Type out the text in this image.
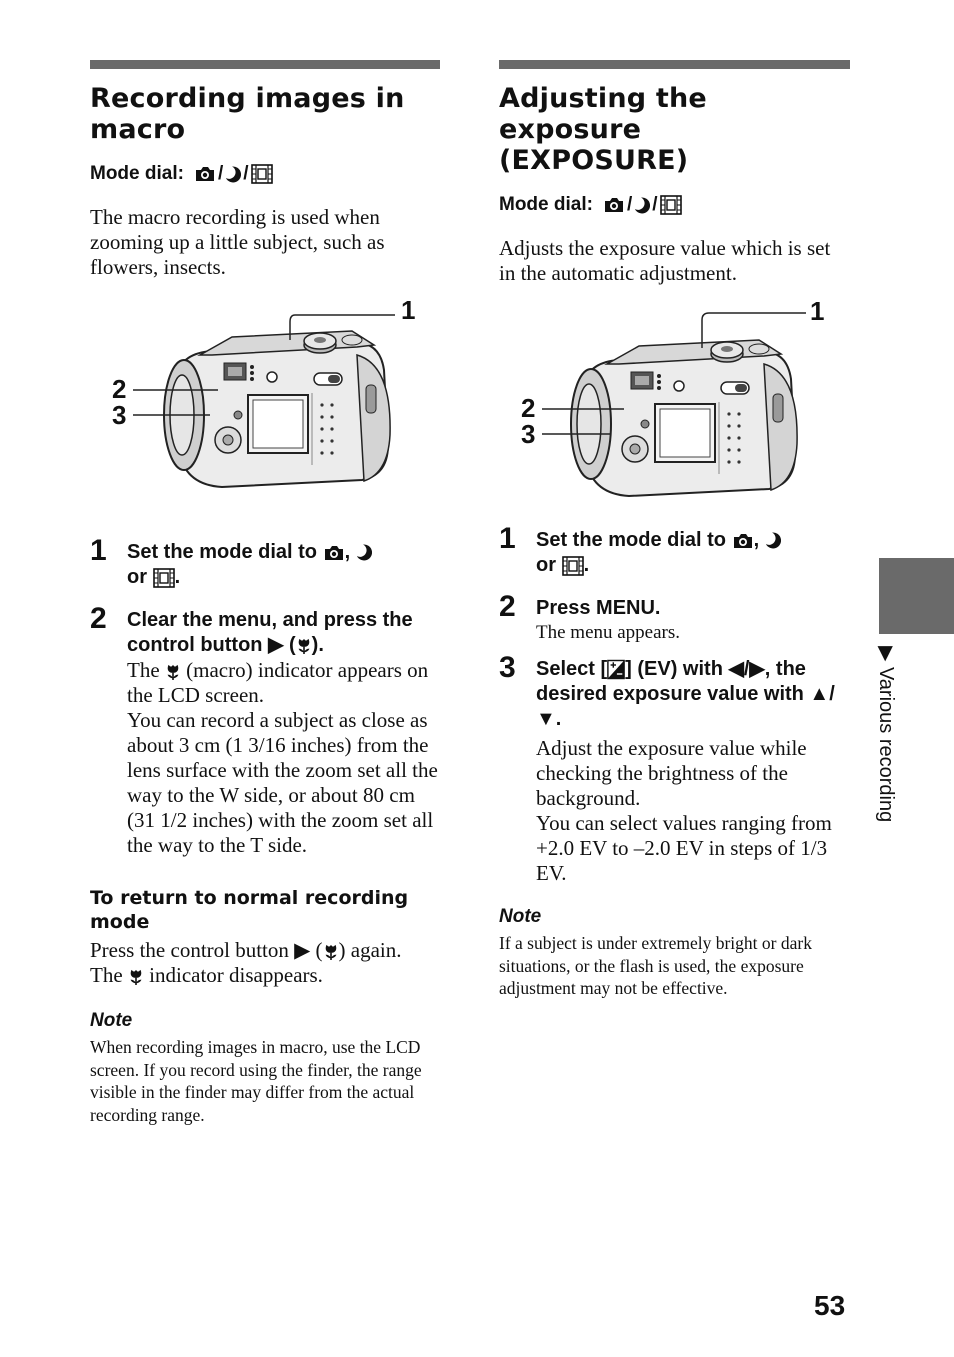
Recording images in macro
Mode dial: / /
The macro recording is used when zooming up a little subject, such as flowers, insects.
1
2
3
1 Set the mode dial to ,
or .
2 Clear the menu, and press the control button ▶ ( ).
The (macro) indicator appears on the LCD screen.
You can record a subject as close as about 3 cm (1 3/16 inches) from the lens surface with the zoom set all the way to the W side, or about 80 cm (31 1/2 inches) with the zoom set all the way to the T side.
To return to normal recording mode
Press the control button ▶ ( ) again.
The indicator disappears.
Note
When recording images in macro, use the LCD screen. If you record using the finder, the range visible in the finder may differ from the actual recording range.
Adjusting the
exposure
(EXPOSURE)
Mode dial: / /
Adjusts the exposure value which is set in the automatic adjustment.
1
2
3
1 Set the mode dial to ,
or .
2 Press MENU.
The menu appears.
3 Select [ ] (EV) with ◀/▶, the desired exposure value with ▲/▼.
Adjust the exposure value while checking the brightness of the background.
You can select values ranging from +2.0 EV to –2.0 EV in steps of 1/3 EV.
Note
If a subject is under extremely bright or dark situations, or the flash is used, the exposure adjustment may not be effective.
▶ Various recording
53
